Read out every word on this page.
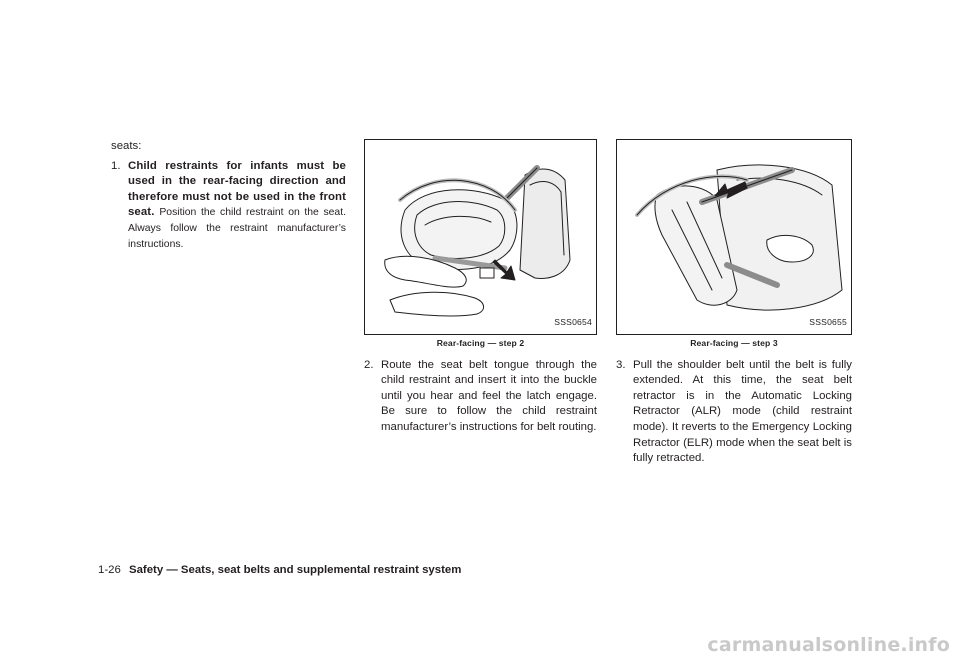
seats:

1. Child restraints for infants must be used in the rear-facing direction and therefore must not be used in the front seat. Position the child restraint on the seat. Always follow the restraint manufacturer’s instructions.
SSS0654
Rear-facing — step 2
2. Route the seat belt tongue through the child restraint and insert it into the buckle until you hear and feel the latch engage. Be sure to follow the child restraint manufacturer’s instructions for belt routing.
SSS0655
Rear-facing — step 3
3. Pull the shoulder belt until the belt is fully extended. At this time, the seat belt retractor is in the Automatic Locking Retractor (ALR) mode (child restraint mode). It reverts to the Emergency Locking Retractor (ELR) mode when the seat belt is fully retracted.
1-26 Safety — Seats, seat belts and supplemental restraint system
carmanualsonline.info
